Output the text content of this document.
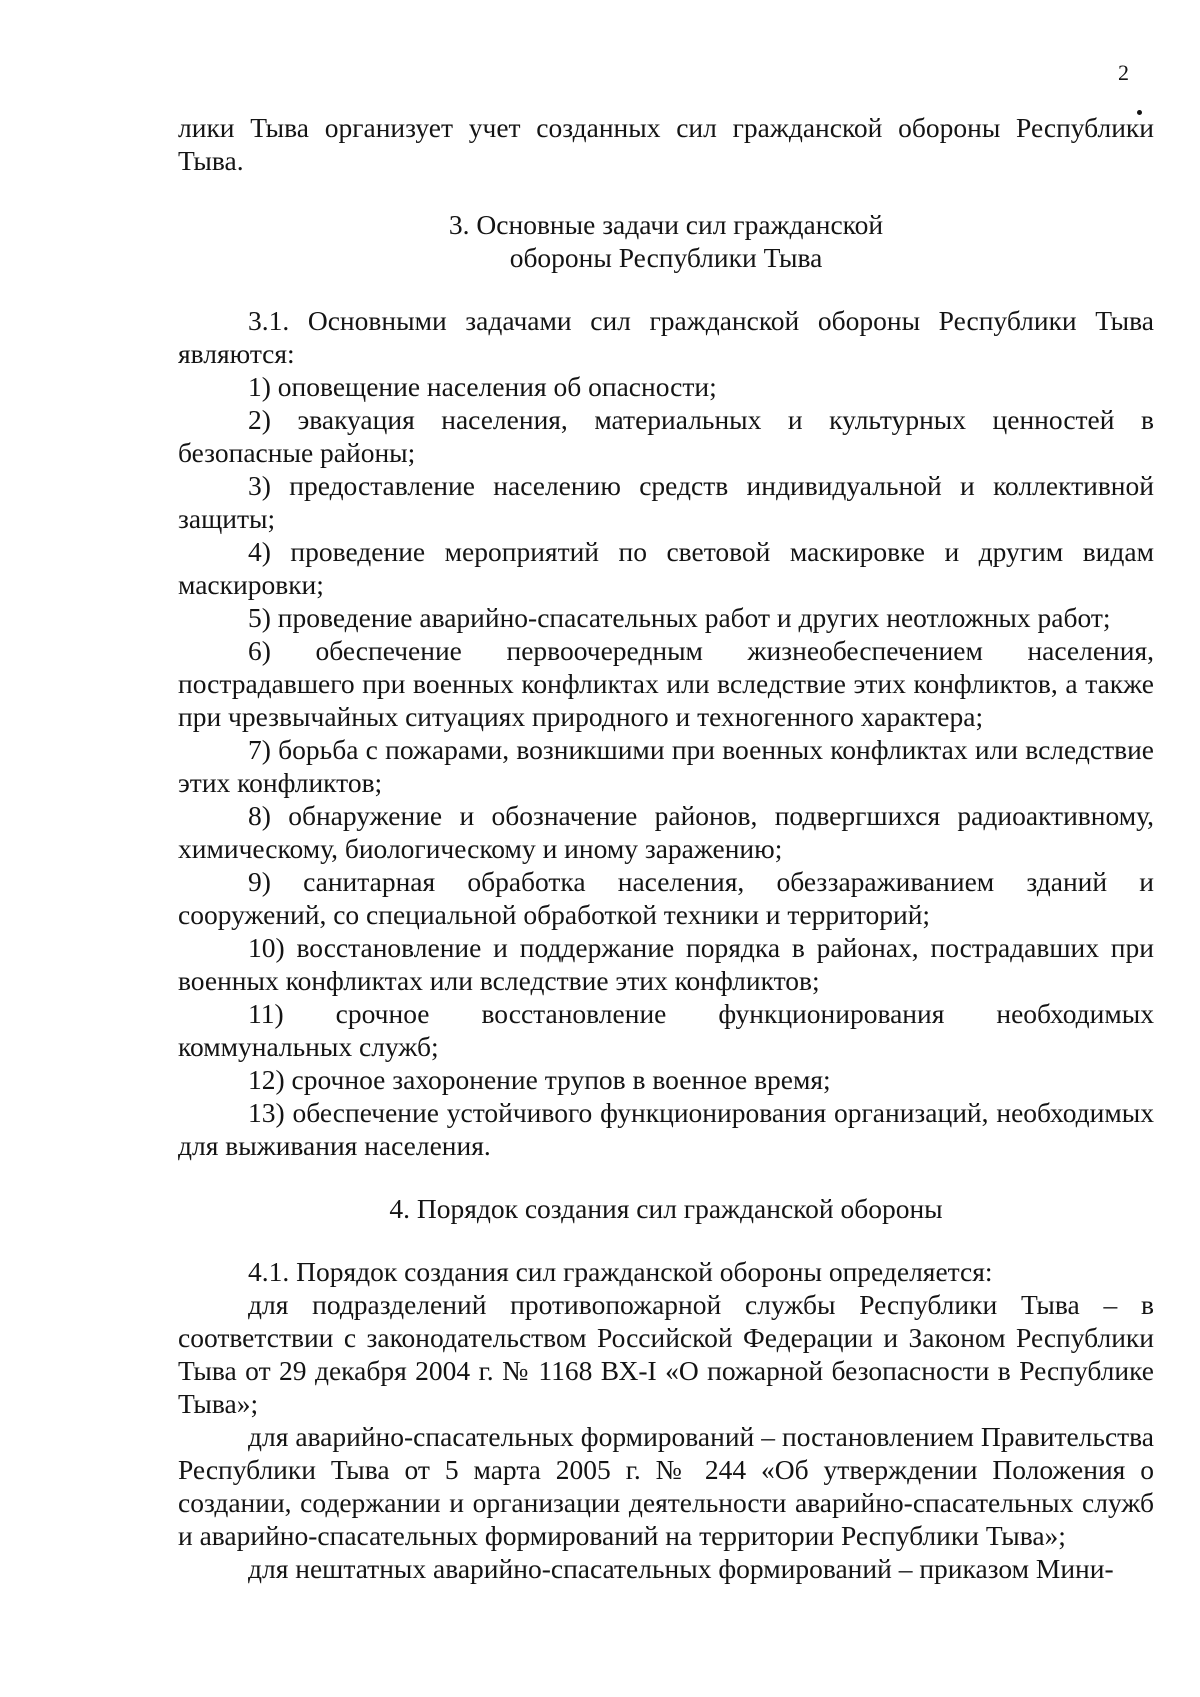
2

лики Тыва организует учет созданных сил гражданской обороны Республики Тыва.

3. Основные задачи сил гражданской
обороны Республики Тыва

3.1. Основными задачами сил гражданской обороны Республики Тыва являются:

1) оповещение населения об опасности;

2) эвакуация населения, материальных и культурных ценностей в безопасные районы;

3) предоставление населению средств индивидуальной и коллективной защиты;

4) проведение мероприятий по световой маскировке и другим видам маскировки;

5) проведение аварийно-спасательных работ и других неотложных работ;

6) обеспечение первоочередным жизнеобеспечением населения, пострадавшего при военных конфликтах или вследствие этих конфликтов, а также при чрезвычайных ситуациях природного и техногенного характера;

7) борьба с пожарами, возникшими при военных конфликтах или вследствие этих конфликтов;

8) обнаружение и обозначение районов, подвергшихся радиоактивному, химическому, биологическому и иному заражению;

9) санитарная обработка населения, обеззараживанием зданий и сооружений, со специальной обработкой техники и территорий;

10) восстановление и поддержание порядка в районах, пострадавших при военных конфликтах или вследствие этих конфликтов;

11) срочное восстановление функционирования необходимых коммунальных служб;

12) срочное захоронение трупов в военное время;

13) обеспечение устойчивого функционирования организаций, необходимых для выживания населения.

4. Порядок создания сил гражданской обороны

4.1. Порядок создания сил гражданской обороны определяется:

для подразделений противопожарной службы Республики Тыва – в соответствии с законодательством Российской Федерации и Законом Республики Тыва от 29 декабря 2004 г. № 1168 ВХ-I «О пожарной безопасности в Республике Тыва»;

для аварийно-спасательных формирований – постановлением Правительства Республики Тыва от 5 марта 2005 г. № 244 «Об утверждении Положения о создании, содержании и организации деятельности аварийно-спасательных служб и аварийно-спасательных формирований на территории Республики Тыва»;

для нештатных аварийно-спасательных формирований – приказом Мини-
